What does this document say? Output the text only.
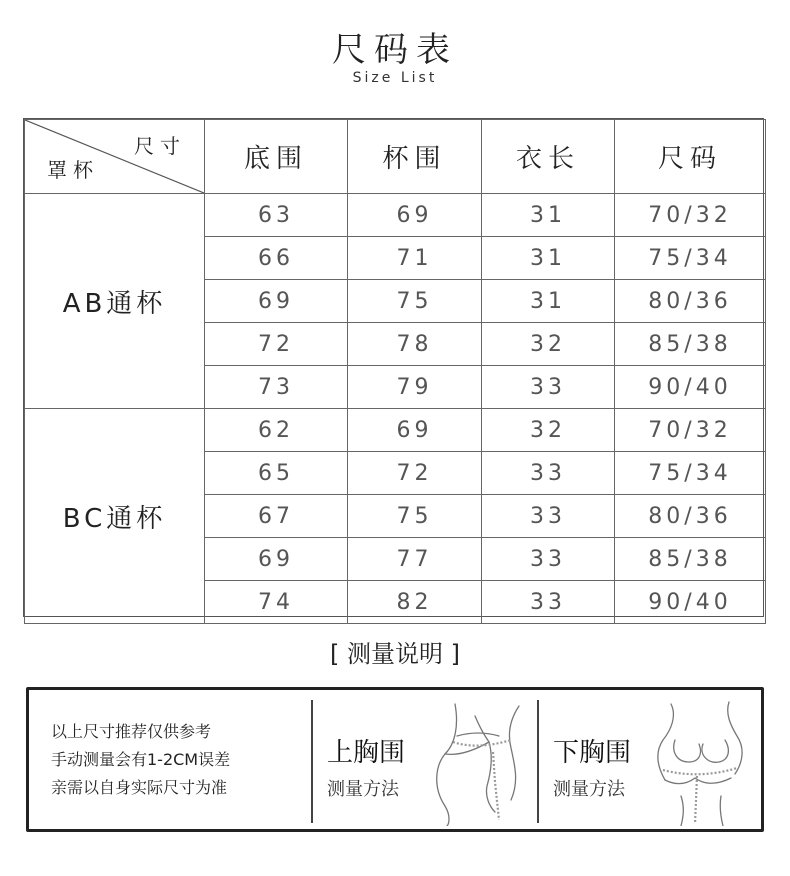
尺码表
Size List
尺寸
罩杯	底围	杯围	衣长	尺码
AB通杯	63	69	31	70/32
	66	71	31	75/34
	69	75	31	80/36
	72	78	32	85/38
	73	79	33	90/40
BC通杯	62	69	32	70/32
	65	72	33	75/34
	67	75	33	80/36
	69	77	33	85/38
	74	82	33	90/40
[ 测量说明 ]
以上尺寸推荐仅供参考
手动测量会有1-2CM误差
亲需以自身实际尺寸为准
上胸围
测量方法
下胸围
测量方法
